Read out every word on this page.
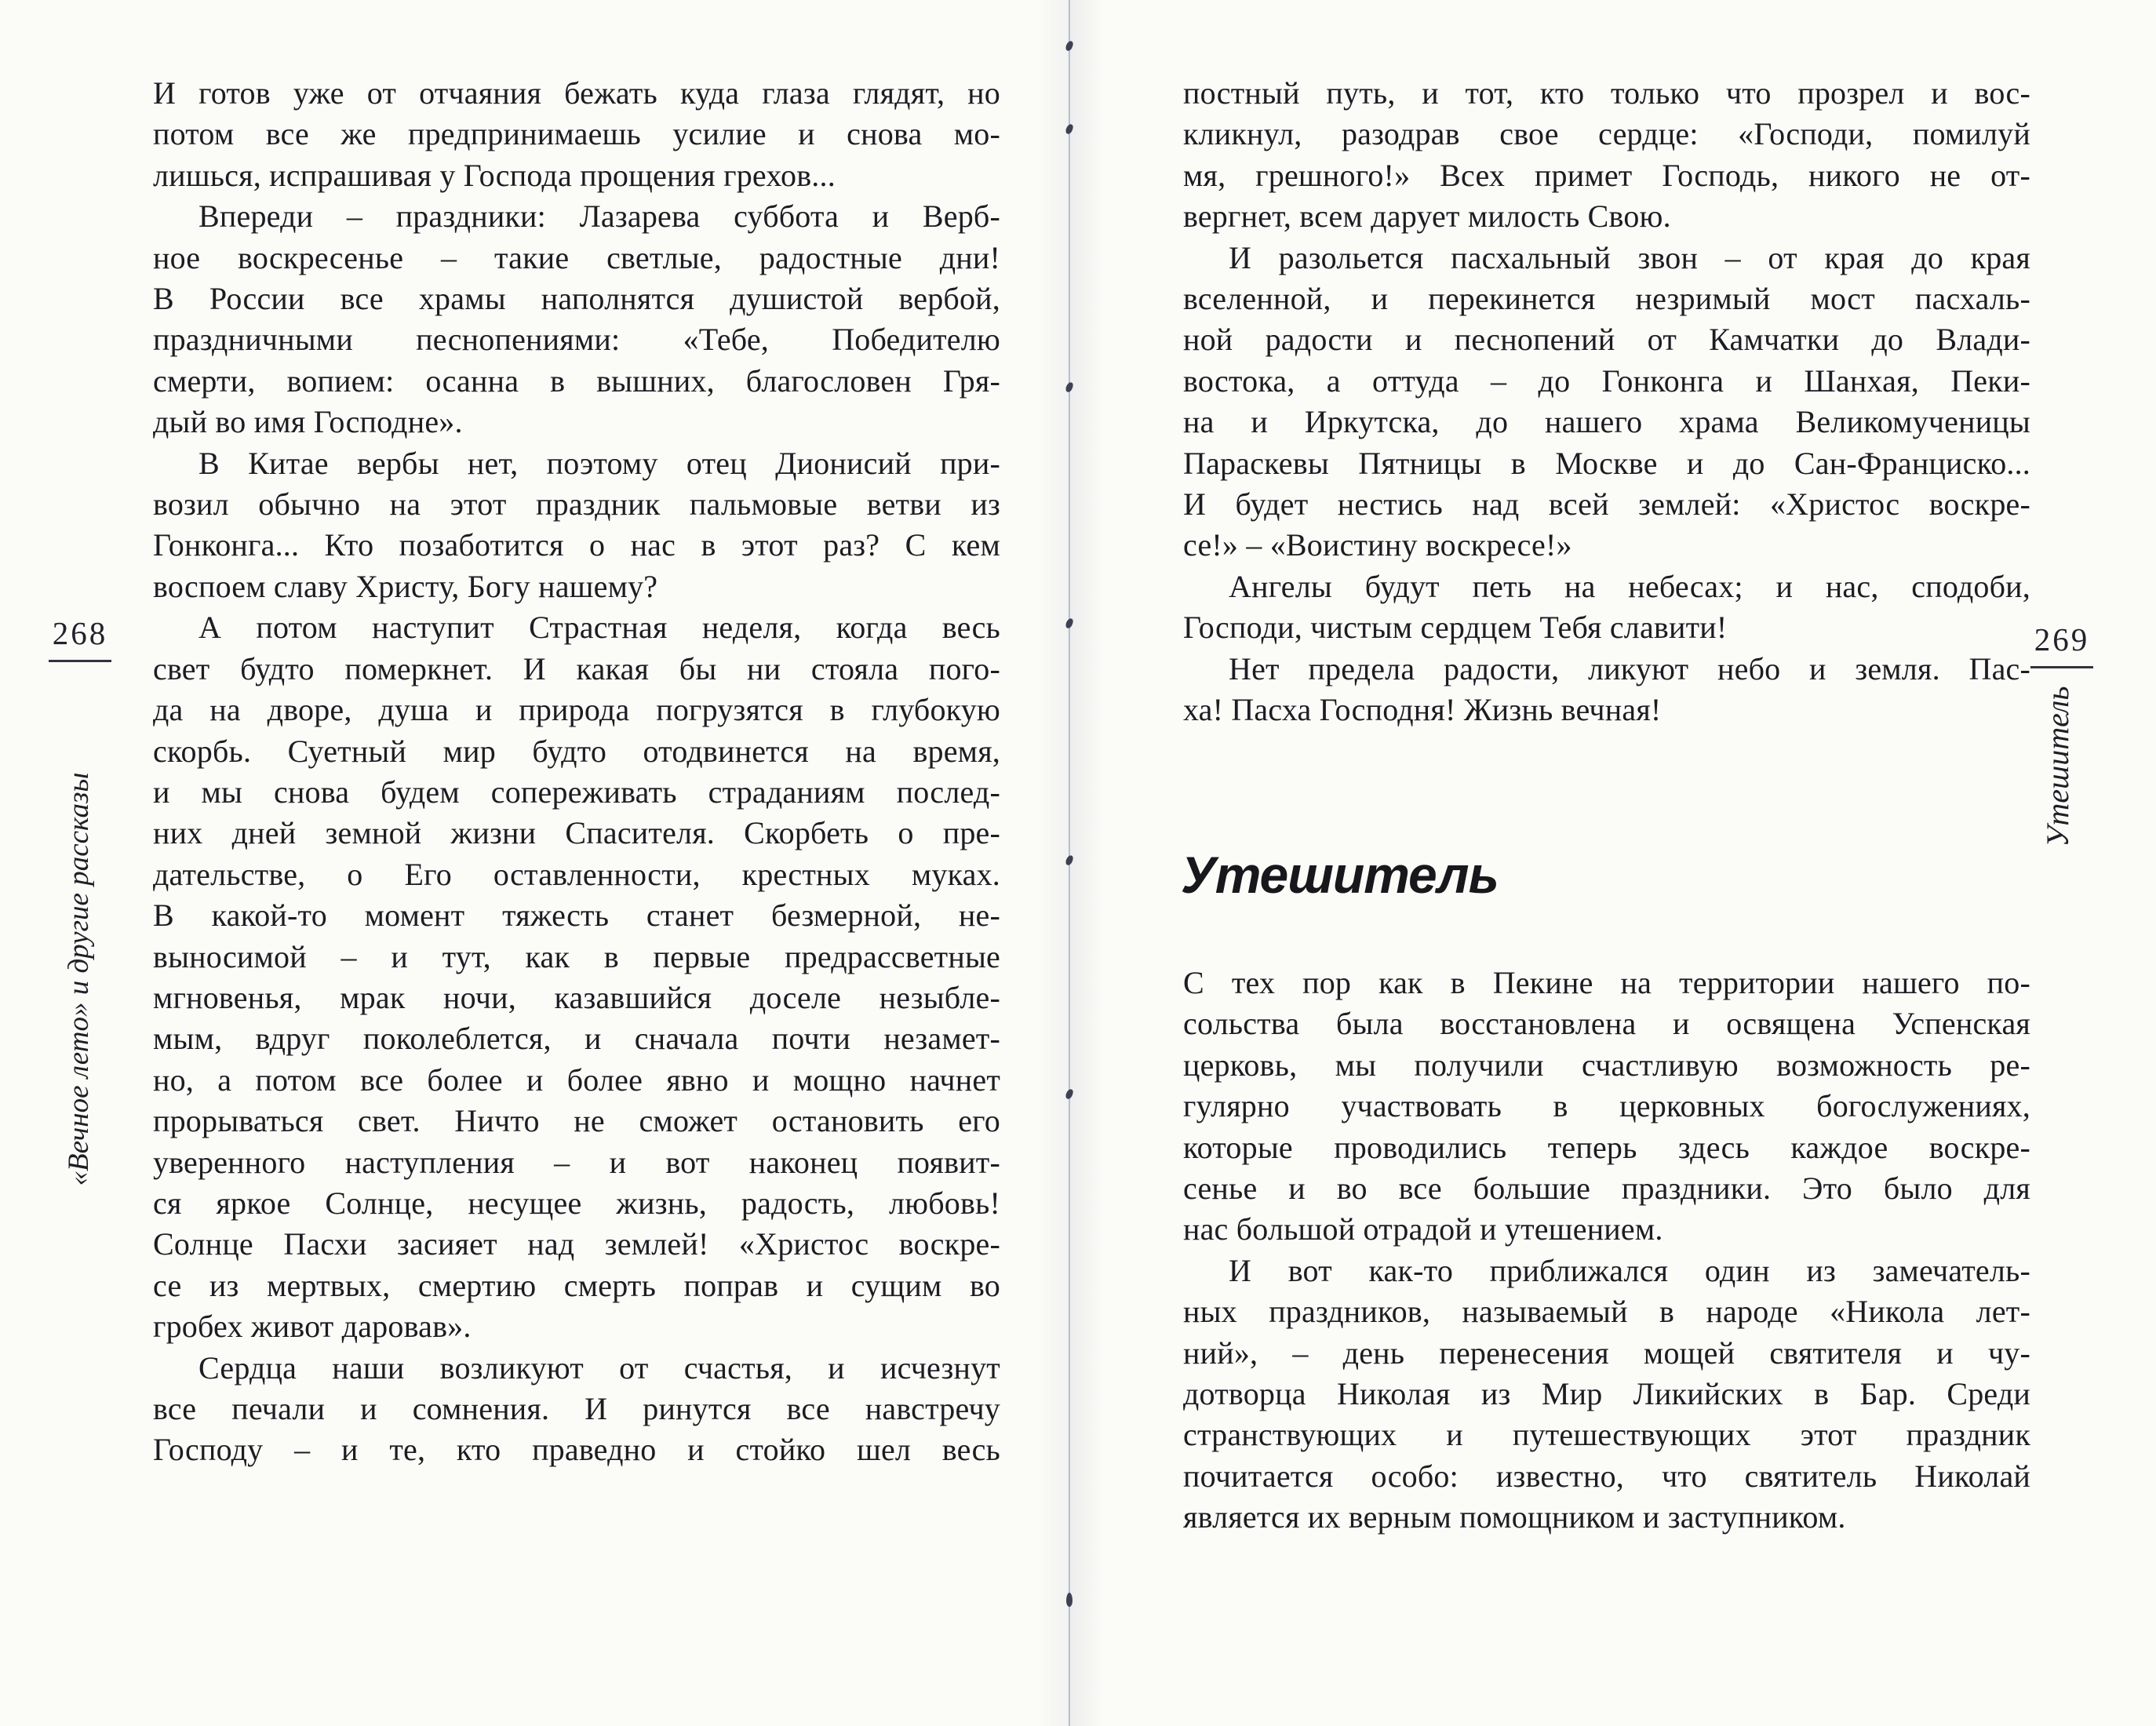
268
«Вечное лето» и другие рассказы
И готов уже от отчаяния бежать куда глаза глядят, но
потом все же предпринимаешь усилие и снова мо-
лишься, испрашивая у Господа прощения грехов...
Впереди – праздники: Лазарева суббота и Верб-
ное воскресенье – такие светлые, радостные дни!
В России все храмы наполнятся душистой вербой,
праздничными песнопениями: «Тебе, Победителю
смерти, вопием: осанна в вышних, благословен Гря-
дый во имя Господне».
В Китае вербы нет, поэтому отец Дионисий при-
возил обычно на этот праздник пальмовые ветви из
Гонконга... Кто позаботится о нас в этот раз? С кем
воспоем славу Христу, Богу нашему?
А потом наступит Страстная неделя, когда весь
свет будто померкнет. И какая бы ни стояла пого-
да на дворе, душа и природа погрузятся в глубокую
скорбь. Суетный мир будто отодвинется на время,
и мы снова будем сопереживать страданиям послед-
них дней земной жизни Спасителя. Скорбеть о пре-
дательстве, о Его оставленности, крестных муках.
В какой-то момент тяжесть станет безмерной, не-
выносимой – и тут, как в первые предрассветные
мгновенья, мрак ночи, казавшийся доселе незыбле-
мым, вдруг поколеблется, и сначала почти незамет-
но, а потом все более и более явно и мощно начнет
прорываться свет. Ничто не сможет остановить его
уверенного наступления – и вот наконец появит-
ся яркое Солнце, несущее жизнь, радость, любовь!
Солнце Пасхи засияет над землей! «Христос воскре-
се из мертвых, смертию смерть поправ и сущим во
гробех живот даровав».
Сердца наши возликуют от счастья, и исчезнут
все печали и сомнения. И ринутся все навстречу
Господу – и те, кто праведно и стойко шел весь
269
Утешитель
постный путь, и тот, кто только что прозрел и вос-
кликнул, разодрав свое сердце: «Господи, помилуй
мя, грешного!» Всех примет Господь, никого не от-
вергнет, всем дарует милость Свою.
И разольется пасхальный звон – от края до края
вселенной, и перекинется незримый мост пасхаль-
ной радости и песнопений от Камчатки до Влади-
востока, а оттуда – до Гонконга и Шанхая, Пеки-
на и Иркутска, до нашего храма Великомученицы
Параскевы Пятницы в Москве и до Сан-Франциско...
И будет нестись над всей землей: «Христос воскре-
се!» – «Воистину воскресе!»
Ангелы будут петь на небесах; и нас, сподоби,
Господи, чистым сердцем Тебя славити!
Нет предела радости, ликуют небо и земля. Пас-
ха! Пасха Господня! Жизнь вечная!
Утешитель
С тех пор как в Пекине на территории нашего по-
сольства была восстановлена и освящена Успенская
церковь, мы получили счастливую возможность ре-
гулярно участвовать в церковных богослужениях,
которые проводились теперь здесь каждое воскре-
сенье и во все большие праздники. Это было для
нас большой отрадой и утешением.
И вот как-то приближался один из замечатель-
ных праздников, называемый в народе «Никола лет-
ний», – день перенесения мощей святителя и чу-
дотворца Николая из Мир Ликийских в Бар. Среди
странствующих и путешествующих этот праздник
почитается особо: известно, что святитель Николай
является их верным помощником и заступником.
